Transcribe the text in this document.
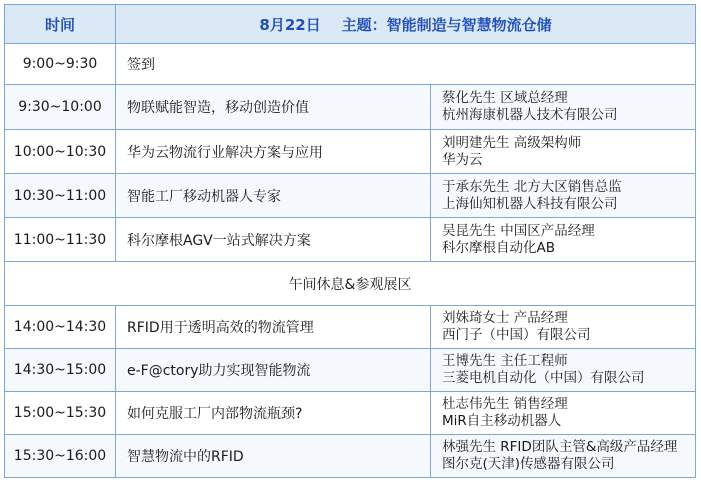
时间	8月22日    主题：智能制造与智慧物流仓储	
9:00~9:30	签到	
9:30~10:00	物联赋能智造，移动创造价值	蔡化先生 区域总经理
杭州海康机器人技术有限公司

10:00~10:30	华为云物流行业解决方案与应用	刘明建先生 高级架构师
华为云

10:30~11:00	智能工厂移动机器人专家	于承东先生 北方大区销售总监
上海仙知机器人科技有限公司

11:00~11:30	科尔摩根AGV一站式解决方案	吴昆先生 中国区产品经理
科尔摩根自动化AB

午间休息&参观展区		
14:00~14:30	RFID用于透明高效的物流管理	刘姝琦女士 产品经理
西门子（中国）有限公司

14:30~15:00	e-F@ctory助力实现智能物流	王博先生 主任工程师
三菱电机自动化（中国）有限公司

15:00~15:30	如何克服工厂内部物流瓶颈?	杜志伟先生 销售经理
MiR自主移动机器人

15:30~16:00	智慧物流中的RFID	林强先生 RFID团队主管&高级产品经理
图尔克(天津)传感器有限公司
